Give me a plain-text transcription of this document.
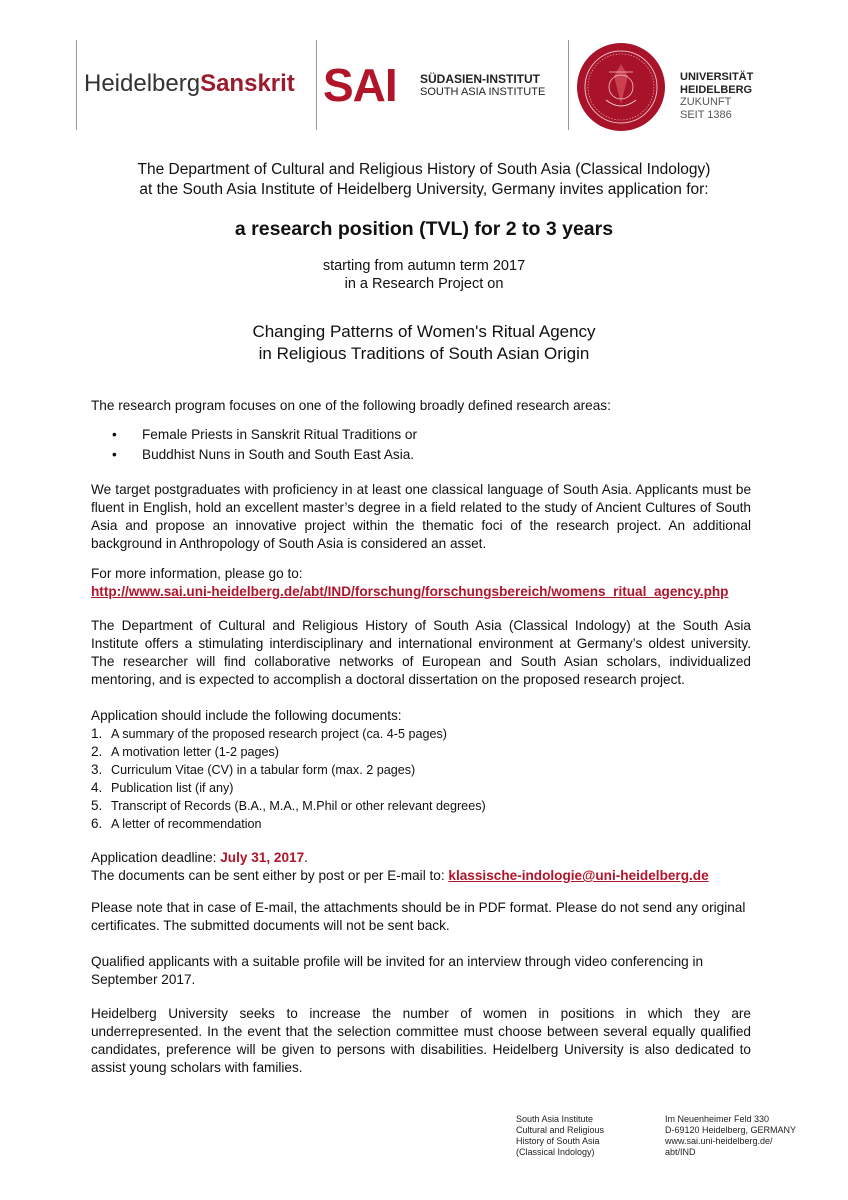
HeidelbergSanskrit SAI SÜDASIEN-INSTITUT
SOUTH ASIA INSTITUTE
UNIVERSITÄT
HEIDELBERG
ZUKUNFT
SEIT 1386
The Department of Cultural and Religious History of South Asia (Classical Indology)
at the South Asia Institute of Heidelberg University, Germany invites application for:
a research position (TVL) for 2 to 3 years
starting from autumn term 2017
in a Research Project on
Changing Patterns of Women's Ritual Agency
in Religious Traditions of South Asian Origin
The research program focuses on one of the following broadly defined research areas:
• Female Priests in Sanskrit Ritual Traditions or
• Buddhist Nuns in South and South East Asia.
We target postgraduates with proficiency in at least one classical language of South Asia. Applicants must be fluent in English, hold an excellent master’s degree in a field related to the study of Ancient Cultures of South Asia and propose an innovative project within the thematic foci of the research project. An additional background in Anthropology of South Asia is considered an asset.
For more information, please go to:
http://www.sai.uni-heidelberg.de/abt/IND/forschung/forschungsbereich/womens_ritual_agency.php
The Department of Cultural and Religious History of South Asia (Classical Indology) at the South Asia Institute offers a stimulating interdisciplinary and international environment at Germany’s oldest university. The researcher will find collaborative networks of European and South Asian scholars, individualized mentoring, and is expected to accomplish a doctoral dissertation on the proposed research project.
Application should include the following documents:
1. A summary of the proposed research project (ca. 4-5 pages)
2. A motivation letter (1-2 pages)
3. Curriculum Vitae (CV) in a tabular form (max. 2 pages)
4. Publication list (if any)
5. Transcript of Records (B.A., M.A., M.Phil or other relevant degrees)
6. A letter of recommendation
Application deadline: July 31, 2017.
The documents can be sent either by post or per E-mail to: klassische-indologie@uni-heidelberg.de
Please note that in case of E-mail, the attachments should be in PDF format. Please do not send any original certificates. The submitted documents will not be sent back.
Qualified applicants with a suitable profile will be invited for an interview through video conferencing in September 2017.
Heidelberg University seeks to increase the number of women in positions in which they are underrepresented. In the event that the selection committee must choose between several equally qualified candidates, preference will be given to persons with disabilities. Heidelberg University is also dedicated to assist young scholars with families.
South Asia Institute
Cultural and Religious
History of South Asia
(Classical Indology)
Im Neuenheimer Feld 330
D-69120 Heidelberg, GERMANY
www.sai.uni-heidelberg.de/
abt/IND
